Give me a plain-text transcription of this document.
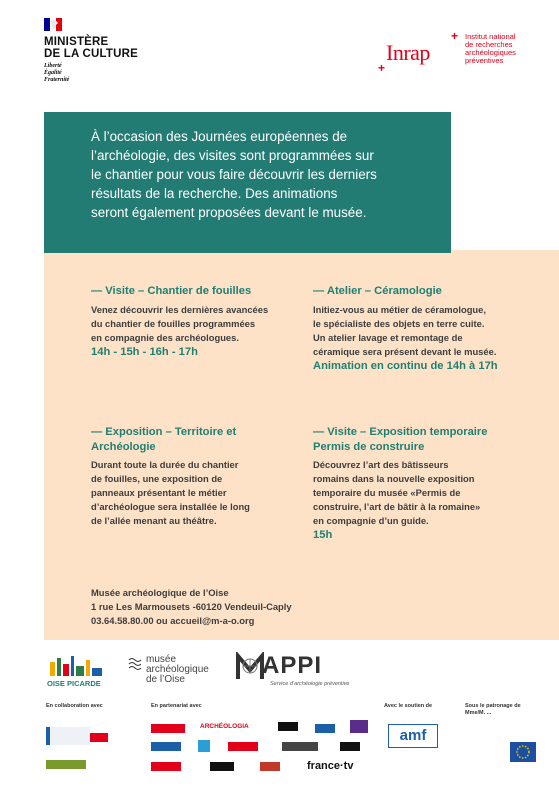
MINISTÈRE
DE LA CULTURE
Liberté
Égalité
Fraternité
+
+
Inrap
Institut national
de recherches
archéologiques
préventives
À l’occasion des Journées européennes de
l’archéologie, des visites sont programmées sur
le chantier pour vous faire découvrir les derniers
résultats de la recherche. Des animations
seront également proposées devant le musée.
— Visite – Chantier de fouilles
Venez découvrir les dernières avancées
du chantier de fouilles programmées
en compagnie des archéologues.
14h - 15h - 16h - 17h
— Atelier – Céramologie
Initiez-vous au métier de céramologue,
le spécialiste des objets en terre cuite.
Un atelier lavage et remontage de
céramique sera présent devant le musée.
Animation en continu de 14h à 17h
— Exposition – Territoire et
Archéologie
Durant toute la durée du chantier
de fouilles, une exposition de
panneaux présentant le métier
d’archéologue sera installée le long
de l’allée menant au théâtre.
— Visite – Exposition temporaire
Permis de construire
Découvrez l’art des bâtisseurs
romains dans la nouvelle exposition
temporaire du musée «Permis de
construire, l’art de bâtir à la romaine»
en compagnie d’un guide.
15h
Musée archéologique de l’Oise
1 rue Les Marmousets -60120 Vendeuil-Caply
03.64.58.80.00 ou accueil@m-a-o.org
OISE PICARDE
musée
archéologique
de l’Oise
APPI
Service d’archéologie préventive
En collaboration avec	En partenariat avec	Avec le soutien de	Sous le patronage de
Mme/M. ...
ARCHÉOLOGIA
france·tv
amf
